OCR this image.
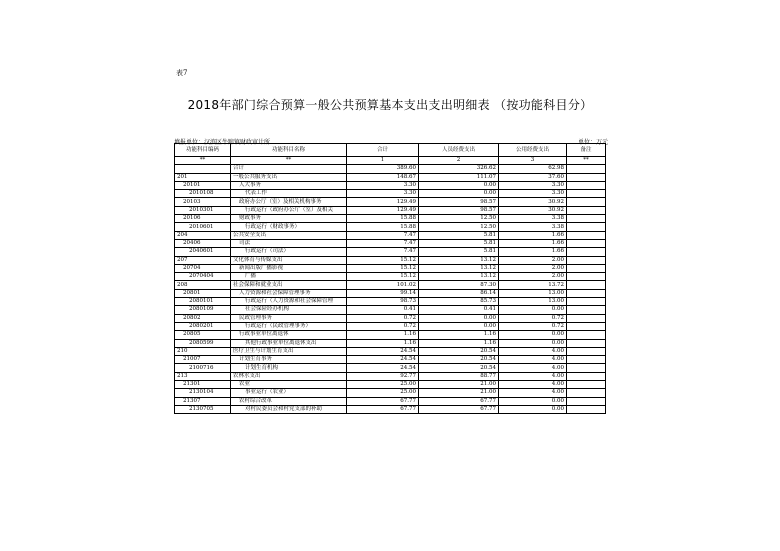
表7
2018年部门综合预算一般公共预算基本支出支出明细表 （按功能科目分）
填报单位：汉滨区牛蹄镇财政审计所	单位：万元
功能科目编码	功能科目名称	合计	人员经费支出	公用经费支出	备注
**	**	1	2	3	**
	合计	389.60	326.62	62.98	
201	一般公共服务支出	148.67	111.07	37.60	
20101	人大事务	3.30	0.00	3.30	
2010108	代表工作	3.30	0.00	3.30	
20103	政府办公厅（室）及相关机构事务	129.49	98.57	30.92	
2010301	行政运行（政府办公厅（室）及相关	129.49	98.57	30.92	
20106	财政事务	15.88	12.50	3.38	
2010601	行政运行（财政事务）	15.88	12.50	3.38	
204	公共安全支出	7.47	5.81	1.66	
20406	司法	7.47	5.81	1.66	
2040601	行政运行（司法）	7.47	5.81	1.66	
207	文化体育与传媒支出	15.12	13.12	2.00	
20704	新闻出版广播影视	15.12	13.12	2.00	
2070404	广播	15.12	13.12	2.00	
208	社会保障和就业支出	101.02	87.30	13.72	
20801	人力资源和社会保障管理事务	99.14	86.14	13.00	
2080101	行政运行（人力资源和社会保障管理	98.73	85.73	13.00	
2080109	社会保险经办机构	0.41	0.41	0.00	
20802	民政管理事务	0.72	0.00	0.72	
2080201	行政运行（民政管理事务）	0.72	0.00	0.72	
20805	行政事业单位离退休	1.16	1.16	0.00	
2080599	其他行政事业单位离退休支出	1.16	1.16	0.00	
210	医疗卫生与计划生育支出	24.54	20.54	4.00	
21007	计划生育事务	24.54	20.54	4.00	
2100716	计划生育机构	24.54	20.54	4.00	
213	农林水支出	92.77	88.77	4.00	
21301	农业	25.00	21.00	4.00	
2130104	事业运行（农业）	25.00	21.00	4.00	
21307	农村综合改革	67.77	67.77	0.00	
2130705	对村民委员会和村党支部的补助	67.77	67.77	0.00	
